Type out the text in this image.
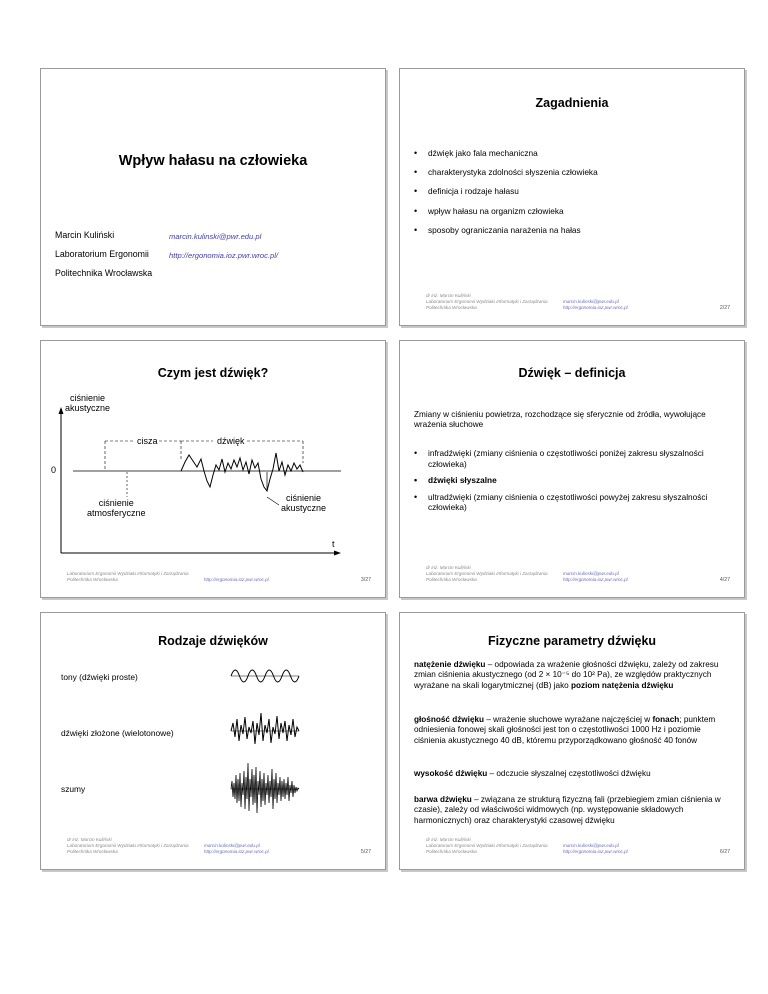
Wpływ hałasu na człowieka
Marcin Kuliński	marcin.kulinski@pwr.edu.pl
Laboratorium Ergonomii	http://ergonomia.ioz.pwr.wroc.pl/
Politechnika Wrocławska
Zagadnienia
• dźwięk jako fala mechaniczna
• charakterystyka zdolności słyszenia człowieka
• definicja i rodzaje hałasu
• wpływ hałasu na organizm człowieka
• sposoby ograniczania narażenia na hałas
dr inż. Marcin Kuliński
Laboratorium Ergonomii Wydziału Informatyki i Zarządzania
Politechnika Wrocławska
marcin.kulinski@pwr.edu.pl
http://ergonomia.ioz.pwr.wroc.pl	2/27
Czym jest dźwięk?
ciśnienie
akustyczne
cisza	dźwięk
0
ciśnienie
atmosferyczne
ciśnienie
akustyczne
t
Laboratorium Ergonomii Wydziału Informatyki i Zarządzania
Politechnika Wrocławska	http://ergonomia.ioz.pwr.wroc.pl	3/27
Dźwięk – definicja
Zmiany w ciśnieniu powietrza, rozchodzące się sferycznie od źródła, wywołujące wrażenia słuchowe
• infradźwięki (zmiany ciśnienia o częstotliwości poniżej zakresu słyszalności człowieka)
• dźwięki słyszalne
• ultradźwięki (zmiany ciśnienia o częstotliwości powyżej zakresu słyszalności człowieka)
dr inż. Marcin Kuliński
Laboratorium Ergonomii Wydziału Informatyki i Zarządzania
Politechnika Wrocławska
marcin.kulinski@pwr.edu.pl
http://ergonomia.ioz.pwr.wroc.pl	4/27
Rodzaje dźwięków
tony (dźwięki proste)
dźwięki złożone (wielotonowe)
szumy
dr inż. Marcin Kuliński
Laboratorium Ergonomii Wydziału Informatyki i Zarządzania
Politechnika Wrocławska
marcin.kulinski@pwr.edu.pl
http://ergonomia.ioz.pwr.wroc.pl	5/27
Fizyczne parametry dźwięku
natężenie dźwięku – odpowiada za wrażenie głośności dźwięku, zależy od zakresu zmian ciśnienia akustycznego (od 2 × 10⁻⁵ do 10² Pa), ze względów praktycznych wyrażane na skali logarytmicznej (dB) jako poziom natężenia dźwięku
głośność dźwięku – wrażenie słuchowe wyrażane najczęściej w fonach; punktem odniesienia fonowej skali głośności jest ton o częstotliwości 1000 Hz i poziomie ciśnienia akustycznego 40 dB, któremu przyporządkowano głośność 40 fonów
wysokość dźwięku – odczucie słyszalnej częstotliwości dźwięku
barwa dźwięku – związana ze strukturą fizyczną fali (przebiegiem zmian ciśnienia w czasie), zależy od właściwości widmowych (np. występowanie składowych harmonicznych) oraz charakterystyki czasowej dźwięku
dr inż. Marcin Kuliński
Laboratorium Ergonomii Wydziału Informatyki i Zarządzania
Politechnika Wrocławska
marcin.kulinski@pwr.edu.pl
http://ergonomia.ioz.pwr.wroc.pl	6/27
